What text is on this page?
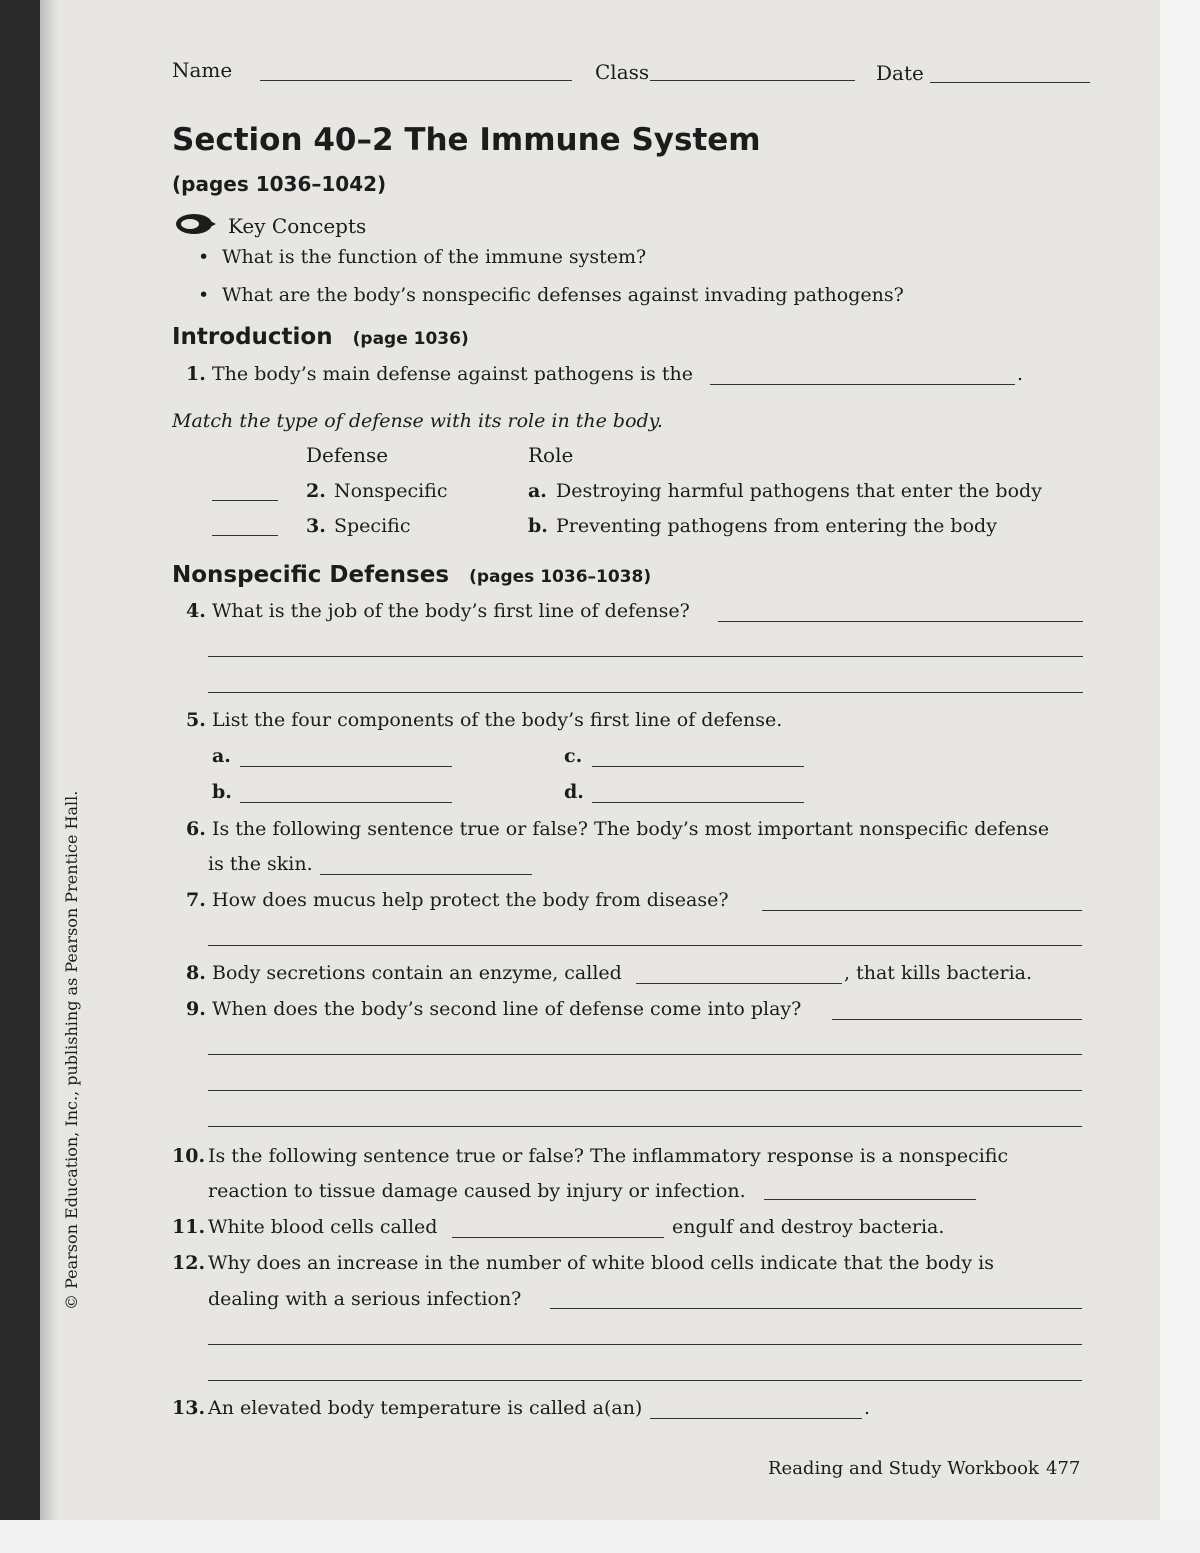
Name	Class	Date
Section 40–2 The Immune System
(pages 1036–1042)
Key Concepts
• What is the function of the immune system?
• What are the body’s nonspecific defenses against invading pathogens?
Introduction (page 1036)
1. The body’s main defense against pathogens is the	.
Match the type of defense with its role in the body.
Defense	Role
2. Nonspecific	a. Destroying harmful pathogens that enter the body
3. Specific	b. Preventing pathogens from entering the body
Nonspecific Defenses (pages 1036–1038)
4. What is the job of the body’s first line of defense?
5. List the four components of the body’s first line of defense.
a.	c.
b.	d.
6. Is the following sentence true or false? The body’s most important nonspecific defense
is the skin.
7. How does mucus help protect the body from disease?
8. Body secretions contain an enzyme, called	, that kills bacteria.
9. When does the body’s second line of defense come into play?
10. Is the following sentence true or false? The inflammatory response is a nonspecific
reaction to tissue damage caused by injury or infection.
11. White blood cells called	engulf and destroy bacteria.
12. Why does an increase in the number of white blood cells indicate that the body is
dealing with a serious infection?
13. An elevated body temperature is called a(an)	.
Reading and Study Workbook 477
© Pearson Education, Inc., publishing as Pearson Prentice Hall.
